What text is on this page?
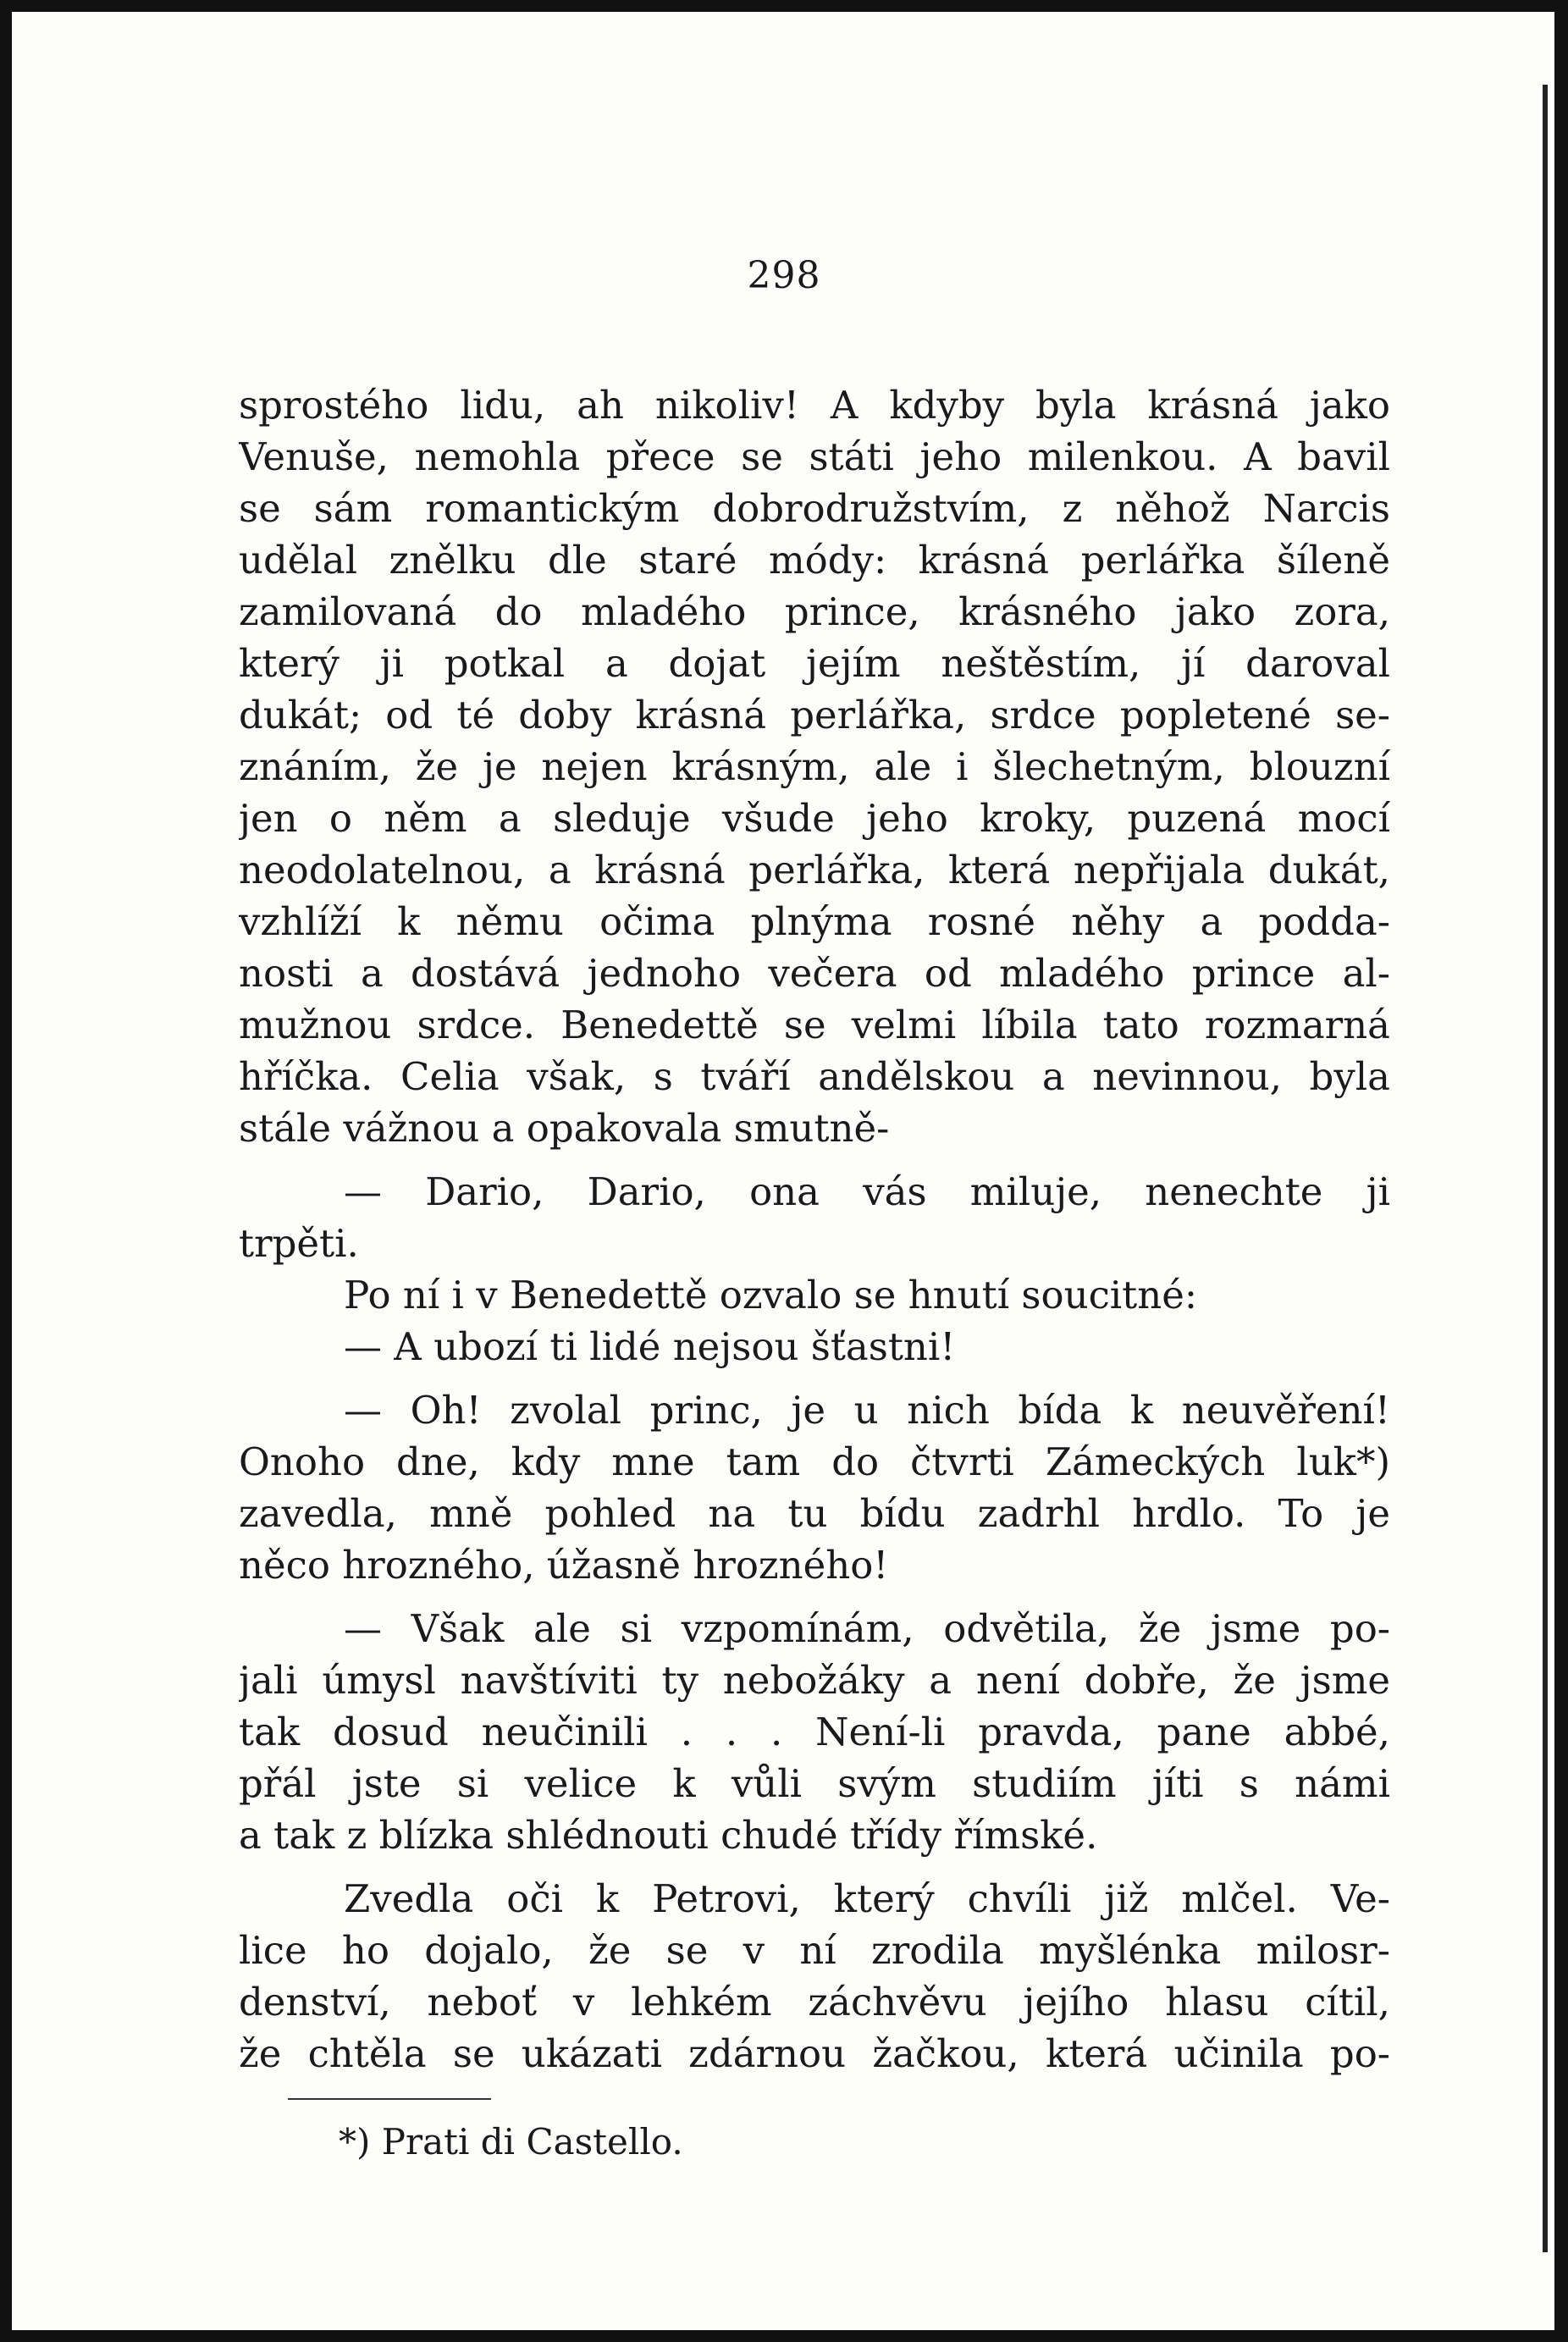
298
sprostého lidu, ah nikoliv! A kdyby byla krásná jako
Venuše, nemohla přece se státi jeho milenkou. A bavil
se sám romantickým dobrodružstvím, z něhož Narcis
udělal znělku dle staré módy: krásná perlářka šíleně
zamilovaná do mladého prince, krásného jako zora,
který ji potkal a dojat jejím neštěstím, jí daroval
dukát; od té doby krásná perlářka, srdce popletené se-
znáním, že je nejen krásným, ale i šlechetným, blouzní
jen o něm a sleduje všude jeho kroky, puzená mocí
neodolatelnou, a krásná perlářka, která nepřijala dukát,
vzhlíží k němu očima plnýma rosné něhy a podda-
nosti a dostává jednoho večera od mladého prince al-
mužnou srdce. Benedettě se velmi líbila tato rozmarná
hříčka. Celia však, s tváří andělskou a nevinnou, byla
stále vážnou a opakovala smutně-
— Dario, Dario, ona vás miluje, nenechte ji
trpěti.
Po ní i v Benedettě ozvalo se hnutí soucitné:
— A ubozí ti lidé nejsou šťastni!
— Oh! zvolal princ, je u nich bída k neuvěření!
Onoho dne, kdy mne tam do čtvrti Zámeckých luk*)
zavedla, mně pohled na tu bídu zadrhl hrdlo. To je
něco hrozného, úžasně hrozného!
— Však ale si vzpomínám, odvětila, že jsme po-
jali úmysl navštíviti ty nebožáky a není dobře, že jsme
tak dosud neučinili . . . Není-li pravda, pane abbé,
přál jste si velice k vůli svým studiím jíti s námi
a tak z blízka shlédnouti chudé třídy římské.
Zvedla oči k Petrovi, který chvíli již mlčel. Ve-
lice ho dojalo, že se v ní zrodila myšlénka milosr-
denství, neboť v lehkém záchvěvu jejího hlasu cítil,
že chtěla se ukázati zdárnou žačkou, která učinila po-
*) Prati di Castello.
